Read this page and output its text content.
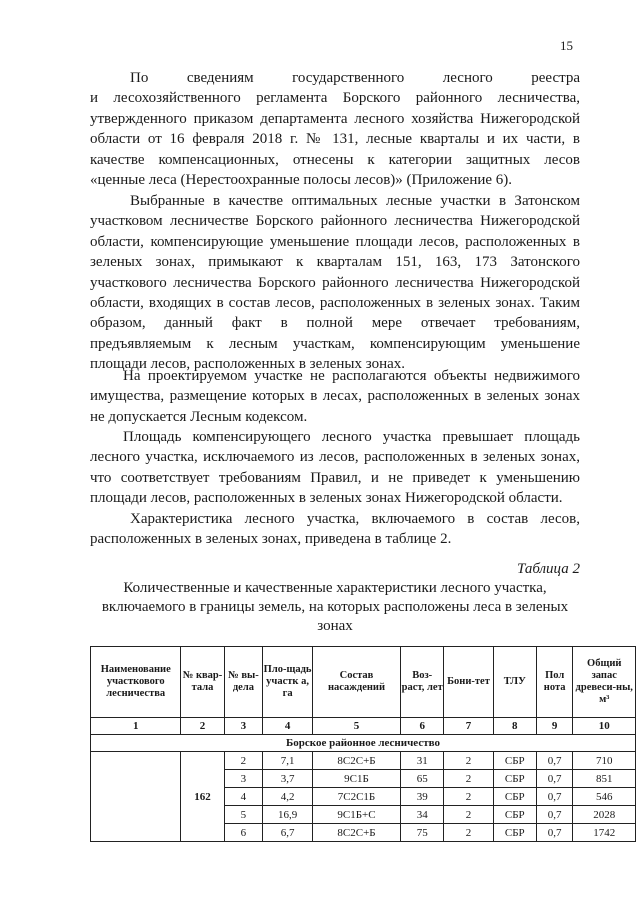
15
По сведениям государственного лесного реестра
и лесохозяйственного регламента Борского районного лесничества,
утвержденного приказом департамента лесного хозяйства Нижегородской
области от 16 февраля 2018 г. № 131, лесные кварталы и их части, в
качестве компенсационных, отнесены к категории защитных лесов
«ценные леса (Нерестоохранные полосы лесов)» (Приложение 6).
Выбранные в качестве оптимальных лесные участки в Затонском
участковом лесничестве Борского районного лесничества Нижегородской
области, компенсирующие уменьшение площади лесов, расположенных в
зеленых зонах, примыкают к кварталам 151, 163, 173 Затонского
участкового лесничества Борского районного лесничества Нижегородской
области, входящих в состав лесов, расположенных в зеленых зонах. Таким
образом, данный факт в полной мере отвечает требованиям,
предъявляемым к лесным участкам, компенсирующим уменьшение
площади лесов, расположенных в зеленых зонах.
На проектируемом участке не располагаются объекты недвижимого
имущества, размещение которых в лесах, расположенных в зеленых зонах
не допускается Лесным кодексом.
Площадь компенсирующего лесного участка превышает площадь
лесного участка, исключаемого из лесов, расположенных в зеленых зонах,
что соответствует требованиям Правил, и не приведет к уменьшению
площади лесов, расположенных в зеленых зонах Нижегородской области.
Характеристика лесного участка, включаемого в состав лесов,
расположенных в зеленых зонах, приведена в таблице 2.
Таблица 2

Количественные и качественные характеристики лесного участка, включаемого в границы земель, на которых расположены леса в зеленых зонах

Наименование участкового лесничества	№ квар-тала	№ вы-дела	Пло-щадь участк а, га	Состав насаждений	Воз-раст, лет	Бони-тет	ТЛУ	Пол нота	Общий запас древеси-ны, м³
1	2	3	4	5	6	7	8	9	10
Борское районное лесничество									
	162	2	7,1	8С2С+Б	31	2	СБР	0,7	710
		3	3,7	9С1Б	65	2	СБР	0,7	851
		4	4,2	7С2С1Б	39	2	СБР	0,7	546
		5	16,9	9С1Б+С	34	2	СБР	0,7	2028
		6	6,7	8С2С+Б	75	2	СБР	0,7	1742
